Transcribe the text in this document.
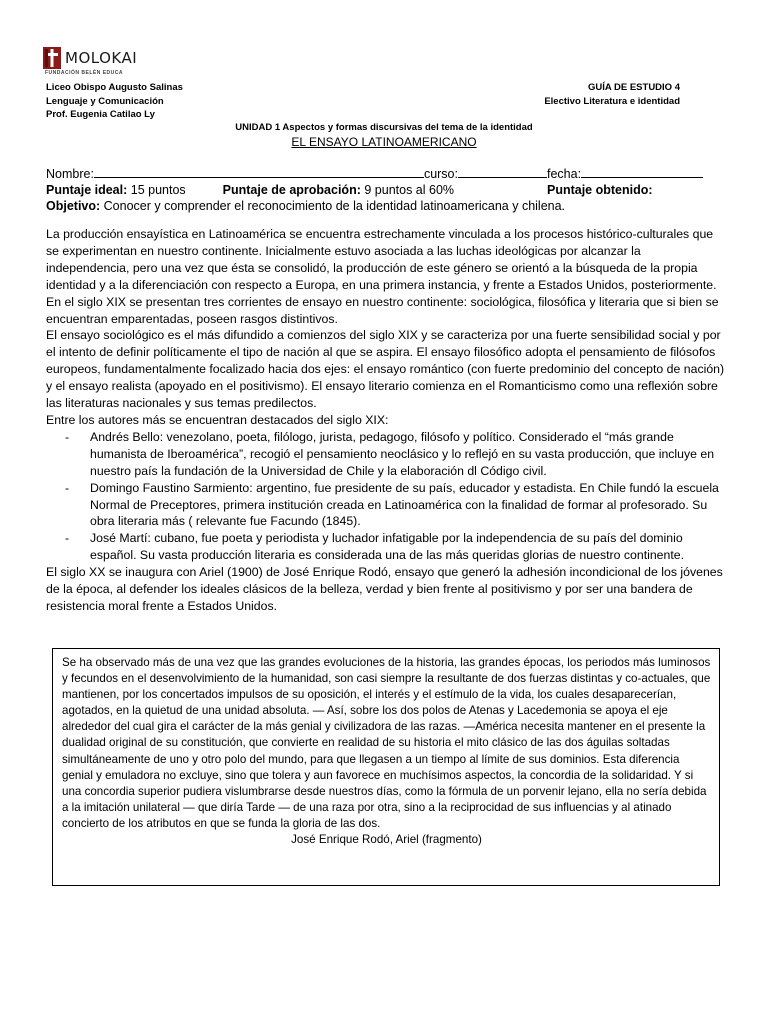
MOLOKAI
FUNDACIÓN BELÉN EDUCA
Liceo Obispo Augusto Salinas
Lenguaje y Comunicación
Prof. Eugenia Catilao Ly
GUÍA DE ESTUDIO 4
Electivo Literatura e identidad
UNIDAD 1 Aspectos y formas discursivas del tema de la identidad
EL ENSAYO LATINOAMERICANO
Nombre:	curso:	fecha:
Puntaje ideal: 15 puntos	Puntaje de aprobación: 9 puntos al 60%	Puntaje obtenido:
Objetivo: Conocer y comprender el reconocimiento de la identidad latinoamericana y chilena.

La producción ensayística en Latinoamérica se encuentra estrechamente vinculada a los procesos histórico-culturales que se experimentan en nuestro continente. Inicialmente estuvo asociada a las luchas ideológicas por alcanzar la independencia, pero una vez que ésta se consolidó, la producción de este género se orientó a la búsqueda de la propia identidad y a la diferenciación con respecto a Europa, en una primera instancia, y frente a Estados Unidos, posteriormente.

En el siglo XIX se presentan tres corrientes de ensayo en nuestro continente: sociológica, filosófica y literaria que si bien se encuentran emparentadas, poseen rasgos distintivos.

El ensayo sociológico es el más difundido a comienzos del siglo XIX y se caracteriza por una fuerte sensibilidad social y por el intento de definir políticamente el tipo de nación al que se aspira. El ensayo filosófico adopta el pensamiento de filósofos europeos, fundamentalmente focalizado hacia dos ejes: el ensayo romántico (con fuerte predominio del concepto de nación) y el ensayo realista (apoyado en el positivismo). El ensayo literario comienza en el Romanticismo como una reflexión sobre las literaturas nacionales y sus temas predilectos.

Entre los autores más se encuentran destacados del siglo XIX:

- Andrés Bello: venezolano, poeta, filólogo, jurista, pedagogo, filósofo y político. Considerado el “más grande humanista de Iberoamérica”, recogió el pensamiento neoclásico y lo reflejó en su vasta producción, que incluye en nuestro país la fundación de la Universidad de Chile y la elaboración dl Código civil.
- Domingo Faustino Sarmiento: argentino, fue presidente de su país, educador y estadista. En Chile fundó la escuela Normal de Preceptores, primera institución creada en Latinoamérica con la finalidad de formar al profesorado. Su obra literaria más ( relevante fue Facundo (1845).
- José Martí: cubano, fue poeta y periodista y luchador infatigable por la independencia de su país del dominio español. Su vasta producción literaria es considerada una de las más queridas glorias de nuestro continente.

El siglo XX se inaugura con Ariel (1900) de José Enrique Rodó, ensayo que generó la adhesión incondicional de los jóvenes de la época, al defender los ideales clásicos de la belleza, verdad y bien frente al positivismo y por ser una bandera de resistencia moral frente a Estados Unidos.

Se ha observado más de una vez que las grandes evoluciones de la historia, las grandes épocas, los periodos más luminosos y fecundos en el desenvolvimiento de la humanidad, son casi siempre la resultante de dos fuerzas distintas y co-actuales, que mantienen, por los concertados impulsos de su oposición, el interés y el estímulo de la vida, los cuales desaparecerían, agotados, en la quietud de una unidad absoluta. — Así, sobre los dos polos de Atenas y Lacedemonia se apoya el eje alrededor del cual gira el carácter de la más genial y civilizadora de las razas. —América necesita mantener en el presente la dualidad original de su constitución, que convierte en realidad de su historia el mito clásico de las dos águilas soltadas simultáneamente de uno y otro polo del mundo, para que llegasen a un tiempo al límite de sus dominios. Esta diferencia genial y emuladora no excluye, sino que tolera y aun favorece en muchísimos aspectos, la concordia de la solidaridad. Y si una concordia superior pudiera vislumbrarse desde nuestros días, como la fórmula de un porvenir lejano, ella no sería debida a la imitación unilateral — que diría Tarde — de una raza por otra, sino a la reciprocidad de sus influencias y al atinado concierto de los atributos en que se funda la gloria de las dos.

José Enrique Rodó, Ariel (fragmento)
